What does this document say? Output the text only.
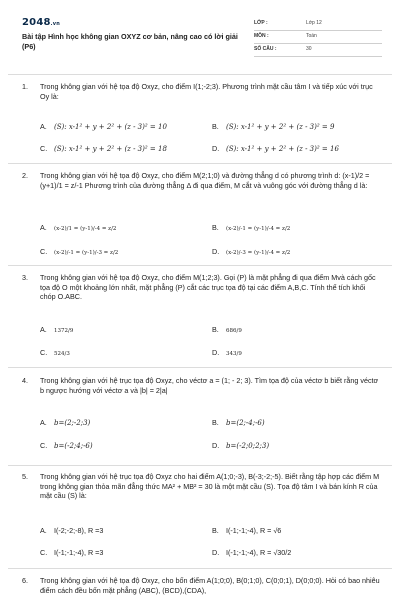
2048.vn
Bài tập Hình học không gian OXYZ cơ bản, nâng cao có lời giải (P6)
LỚP :	Lớp 12
MÔN :	Toán
SỐ CÂU :	30
1. Trong không gian với hệ tọa độ Oxyz, cho điểm I(1;-2;3). Phương trình mặt cầu tâm I và tiếp xúc với trục Oy là:
A. (S): x-1² + y + 2² + (z - 3)² = 10	B. (S): x-1² + y + 2² + (z - 3)² = 9
C. (S): x-1² + y + 2² + (z - 3)² = 18	D. (S): x-1² + y + 2² + (z - 3)² = 16
2. Trong không gian với hệ tọa độ Oxyz, cho điểm M(2;1;0) và đường thẳng d có phương trình d: (x-1)/2 = (y+1)/1 = z/-1 Phương trình của đường thẳng Δ đi qua điểm, M cắt và vuông góc với đường thẳng d là:
A. (x-2)/1 = (y-1)/-4 = z/2	B. (x-2)/-1 = (y-1)/-4 = z/2
C. (x-2)/-1 = (y-1)/-3 = z/2	D. (x-2)/-3 = (y-1)/-4 = z/2
3. Trong không gian với hệ tọa độ Oxyz, cho điểm M(1;2;3). Gọi (P) là mặt phẳng đi qua điểm Mvà cách gốc tọa độ O một khoảng lớn nhất, mặt phẳng (P) cắt các trục tọa độ tại các điểm A,B,C. Tính thể tích khối chóp O.ABC.
A. 1372/9	B. 686/9
C. 524/3	D. 343/9
4. Trong không gian với hệ trục tọa độ Oxyz, cho véctơ a = (1; - 2; 3). Tìm tọa độ của véctơ b biết rằng véctơ b ngược hướng với véctơ a và |b| = 2|a|
A. b=(2;-2;3)	B. b=(2;-4;-6)
C. b=(-2;4;-6)	D. b=(-2;0;2;3)
5. Trong không gian với hệ trục tọa độ Oxyz cho hai điểm A(1;0;-3), B(-3;-2;-5). Biết rằng tập hợp các điểm M trong không gian thỏa mãn đẳng thức MA² + MB² = 30 là một mặt cầu (S). Tọa độ tâm I và bán kính R của mặt cầu (S) là:
A. I(-2;-2;-8), R =3	B. I(-1;-1;-4), R = √6
C. I(-1;-1;-4), R =3	D. I(-1;-1;-4), R = √30/2
6. Trong không gian với hệ tọa độ Oxyz, cho bốn điểm A(1;0;0), B(0;1;0), C(0;0;1), D(0;0;0). Hỏi có bao nhiêu điểm cách đều bốn mặt phẳng (ABC), (BCD),(CDA),
